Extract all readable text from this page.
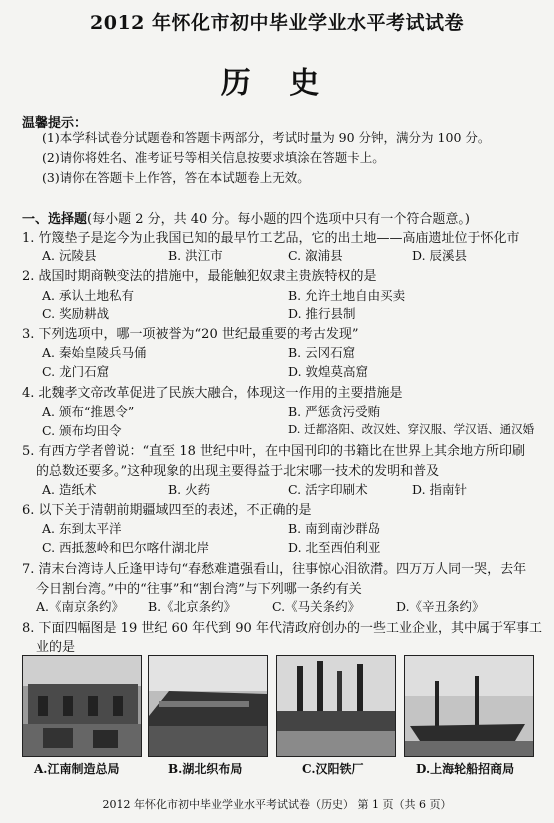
2012 年怀化市初中毕业学业水平考试试卷
历 史
温馨提示：
(1)本学科试卷分试题卷和答题卡两部分，考试时量为 90 分钟，满分为 100 分。
(2)请你将姓名、准考证号等相关信息按要求填涂在答题卡上。
(3)请你在答题卡上作答，答在本试题卷上无效。
一、选择题(每小题 2 分，共 40 分。每小题的四个选项中只有一个符合题意。)
1. 竹篾垫子是迄今为止我国已知的最早竹工艺品，它的出土地——高庙遗址位于怀化市
A. 沅陵县	B. 洪江市	C. 溆浦县	D. 辰溪县
2. 战国时期商鞅变法的措施中，最能触犯奴隶主贵族特权的是
A. 承认土地私有	B. 允许土地自由买卖
C. 奖励耕战	D. 推行县制
3. 下列选项中，哪一项被誉为“20 世纪最重要的考古发现”
A. 秦始皇陵兵马俑	B. 云冈石窟
C. 龙门石窟	D. 敦煌莫高窟
4. 北魏孝文帝改革促进了民族大融合，体现这一作用的主要措施是
A. 颁布“推恩令”	B. 严惩贪污受贿
C. 颁布均田令	D. 迁都洛阳、改汉姓、穿汉服、学汉语、通汉婚
5. 有西方学者曾说：“直至 18 世纪中叶，在中国刊印的书籍比在世界上其余地方所印刷
的总数还要多。”这种现象的出现主要得益于北宋哪一技术的发明和普及
A. 造纸术	B. 火药	C. 活字印刷术	D. 指南针
6. 以下关于清朝前期疆域四至的表述，不正确的是
A. 东到太平洋	B. 南到南沙群岛
C. 西抵葱岭和巴尔喀什湖北岸	D. 北至西伯利亚
7. 清末台湾诗人丘逢甲诗句“春愁难遣强看山，往事惊心泪欲潸。四万万人同一哭，去年
今日割台湾。”中的“往事”和“割台湾”与下列哪一条约有关
A.《南京条约》 B.《北京条约》	C.《马关条约》	D.《辛丑条约》
8. 下面四幅图是 19 世纪 60 年代到 90 年代清政府创办的一些工业企业，其中属于军事工
业的是
A.江南制造总局	B.湖北织布局	C.汉阳铁厂	D.上海轮船招商局
2012 年怀化市初中毕业学业水平考试试卷（历史） 第 1 页（共 6 页）
